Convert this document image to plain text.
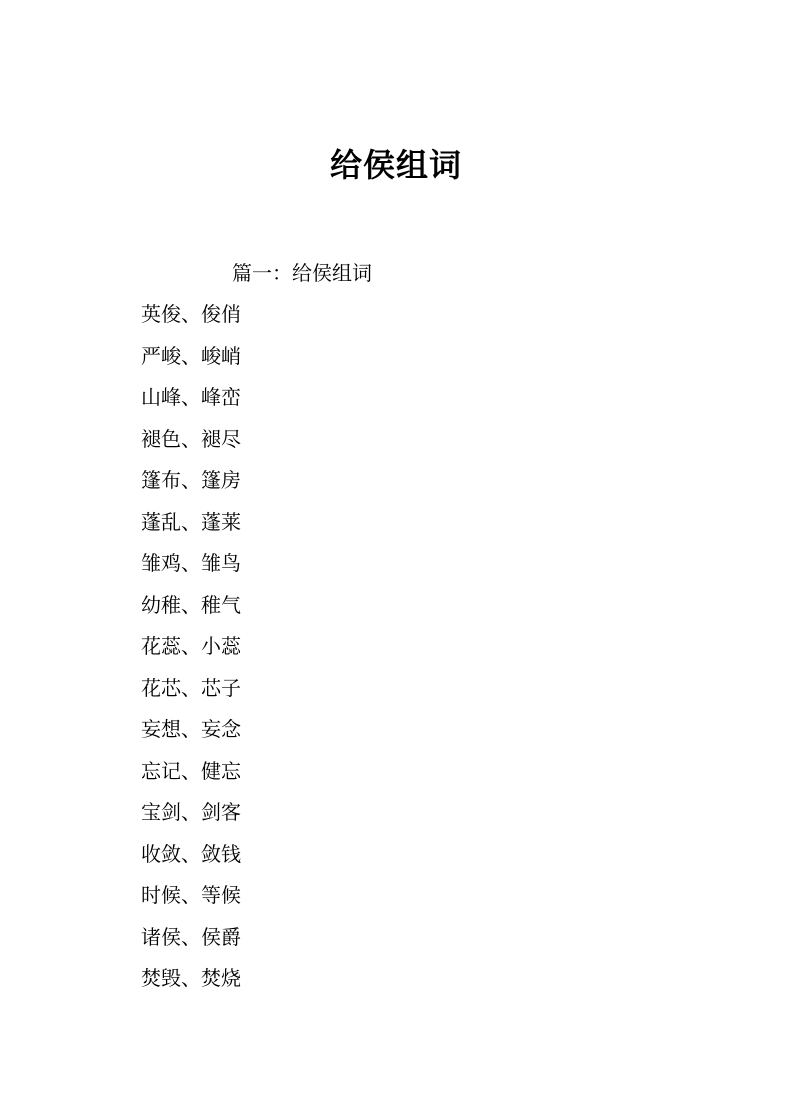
给侯组词
篇一：给侯组词
英俊、俊俏
严峻、峻峭
山峰、峰峦
褪色、褪尽
篷布、篷房
蓬乱、蓬莱
雏鸡、雏鸟
幼稚、稚气
花蕊、小蕊
花芯、芯子
妄想、妄念
忘记、健忘
宝剑、剑客
收敛、敛钱
时候、等候
诸侯、侯爵
焚毁、焚烧
